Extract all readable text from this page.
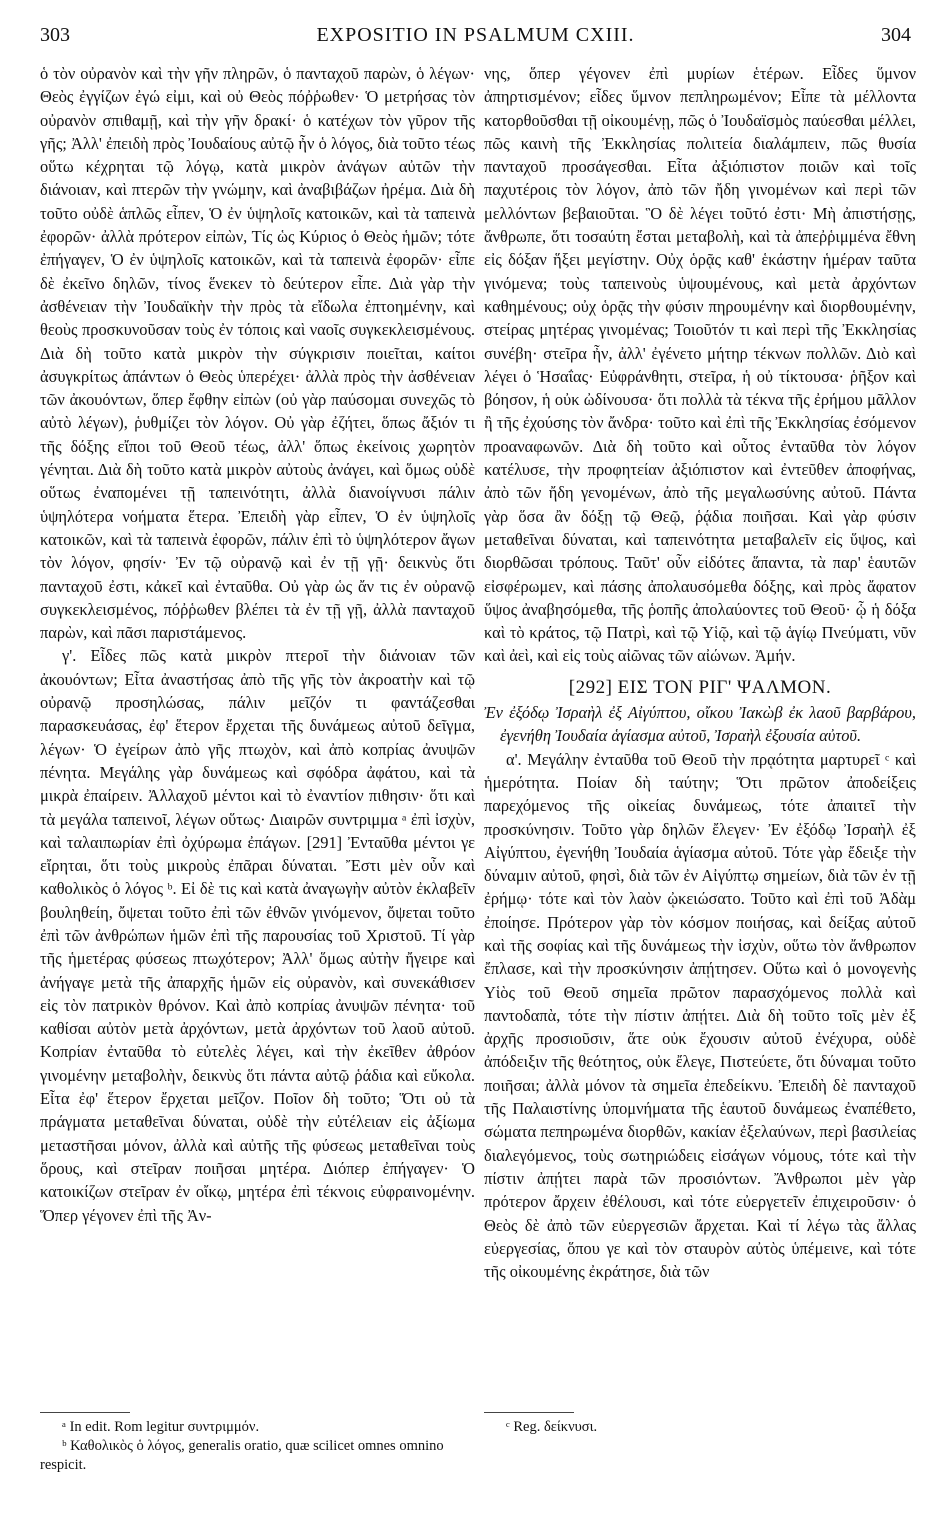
303	EXPOSITIO IN PSALMUM CXIII.	304

ὁ τὸν οὐρανὸν καὶ τὴν γῆν πληρῶν, ὁ πανταχοῦ παρὼν, ὁ λέγων· Θεὸς ἐγγίζων ἐγώ εἰμι, καὶ οὐ Θεὸς πόῤῥωθεν· Ὁ μετρήσας τὸν οὐρανὸν σπιθαμῇ, καὶ τὴν γῆν δρακί· ὁ κατέχων τὸν γῦρον τῆς γῆς; Ἀλλ' ἐπειδὴ πρὸς Ἰουδαίους αὐτῷ ἦν ὁ λόγος, διὰ τοῦτο τέως οὕτω κέχρηται τῷ λόγῳ, κατὰ μικρὸν ἀνάγων αὐτῶν τὴν διάνοιαν, καὶ πτερῶν τὴν γνώμην, καὶ ἀναβιβάζων ἠρέμα. Διὰ δὴ τοῦτο οὐδὲ ἁπλῶς εἶπεν, Ὁ ἐν ὑψηλοῖς κατοικῶν, καὶ τὰ ταπεινὰ ἐφορῶν· ἀλλὰ πρότερον εἰπὼν, Τίς ὡς Κύριος ὁ Θεὸς ἡμῶν; τότε ἐπήγαγεν, Ὁ ἐν ὑψηλοῖς κατοικῶν, καὶ τὰ ταπεινὰ ἐφορῶν· εἶπε δὲ ἐκεῖνο δηλῶν, τίνος ἕνεκεν τὸ δεύτερον εἶπε. Διὰ γὰρ τὴν ἀσθένειαν τὴν Ἰουδαϊκὴν τὴν πρὸς τὰ εἴδωλα ἐπτοημένην, καὶ θεοὺς προσκυνοῦσαν τοὺς ἐν τόποις καὶ ναοῖς συγκεκλεισμένους. Διὰ δὴ τοῦτο κατὰ μικρὸν τὴν σύγκρισιν ποιεῖται, καίτοι ἀσυγκρίτως ἁπάντων ὁ Θεὸς ὑπερέχει· ἀλλὰ πρὸς τὴν ἀσθένειαν τῶν ἀκουόντων, ὅπερ ἔφθην εἰπὼν (οὐ γὰρ παύσομαι συνεχῶς τὸ αὐτὸ λέγων), ῥυθμίζει τὸν λόγον. Οὐ γὰρ ἐζήτει, ὅπως ἄξιόν τι τῆς δόξης εἴποι τοῦ Θεοῦ τέως, ἀλλ' ὅπως ἐκείνοις χωρητὸν γένηται. Διὰ δὴ τοῦτο κατὰ μικρὸν αὐτοὺς ἀνάγει, καὶ ὅμως οὐδὲ οὕτως ἐναπομένει τῇ ταπεινότητι, ἀλλὰ διανοίγνυσι πάλιν ὑψηλότερα νοήματα ἕτερα. Ἐπειδὴ γὰρ εἶπεν, Ὁ ἐν ὑψηλοῖς κατοικῶν, καὶ τὰ ταπεινὰ ἐφορῶν, πάλιν ἐπὶ τὸ ὑψηλότερον ἄγων τὸν λόγον, φησίν· Ἐν τῷ οὐρανῷ καὶ ἐν τῇ γῇ· δεικνὺς ὅτι πανταχοῦ ἐστι, κἀκεῖ καὶ ἐνταῦθα. Οὐ γὰρ ὡς ἄν τις ἐν οὐρανῷ συγκεκλεισμένος, πόῤῥωθεν βλέπει τὰ ἐν τῇ γῇ, ἀλλὰ πανταχοῦ παρὼν, καὶ πᾶσι παριστάμενος.

γ'. Εἶδες πῶς κατὰ μικρὸν πτεροῖ τὴν διάνοιαν τῶν ἀκουόντων; Εἶτα ἀναστήσας ἀπὸ τῆς γῆς τὸν ἀκροατὴν καὶ τῷ οὐρανῷ προσηλώσας, πάλιν μεῖζόν τι φαντάζεσθαι παρασκευάσας, ἐφ' ἕτερον ἔρχεται τῆς δυνάμεως αὐτοῦ δεῖγμα, λέγων· Ὁ ἐγείρων ἀπὸ γῆς πτωχὸν, καὶ ἀπὸ κοπρίας ἀνυψῶν πένητα. Μεγάλης γὰρ δυνάμεως καὶ σφόδρα ἀφάτου, καὶ τὰ μικρὰ ἐπαίρειν. Ἀλλαχοῦ μέντοι καὶ τὸ ἐναντίον πιθησιν· ὅτι καὶ τὰ μεγάλα ταπεινοῖ, λέγων οὕτως· Διαιρῶν συντριμμα ᵃ ἐπὶ ἰσχὺν, καὶ ταλαιπωρίαν ἐπὶ ὀχύρωμα ἐπάγων. [291] Ἐνταῦθα μέντοι γε εἴρηται, ὅτι τοὺς μικροὺς ἐπᾶραι δύναται. Ἔστι μὲν οὖν καὶ καθολικὸς ὁ λόγος ᵇ. Εἰ δὲ τις καὶ κατὰ ἀναγωγὴν αὐτὸν ἐκλαβεῖν βουληθείη, ὄψεται τοῦτο ἐπὶ τῶν ἐθνῶν γινόμενον, ὄψεται τοῦτο ἐπὶ τῶν ἀνθρώπων ἡμῶν ἐπὶ τῆς παρουσίας τοῦ Χριστοῦ. Τί γὰρ τῆς ἡμετέρας φύσεως πτωχότερον; Ἀλλ' ὅμως αὐτὴν ἤγειρε καὶ ἀνήγαγε μετὰ τῆς ἀπαρχῆς ἡμῶν εἰς οὐρανὸν, καὶ συνεκάθισεν εἰς τὸν πατρικὸν θρόνον. Καὶ ἀπὸ κοπρίας ἀνυψῶν πένητα· τοῦ καθίσαι αὐτὸν μετὰ ἀρχόντων, μετὰ ἀρχόντων τοῦ λαοῦ αὐτοῦ. Κοπρίαν ἐνταῦθα τὸ εὐτελὲς λέγει, καὶ τὴν ἐκεῖθεν ἀθρόον γινομένην μεταβολὴν, δεικνὺς ὅτι πάντα αὐτῷ ῥάδια καὶ εὔκολα. Εἶτα ἐφ' ἕτερον ἔρχεται μεῖζον. Ποῖον δὴ τοῦτο; Ὅτι οὐ τὰ πράγματα μεταθεῖναι δύναται, οὐδὲ τὴν εὐτέλειαν εἰς ἀξίωμα μεταστῆσαι μόνον, ἀλλὰ καὶ αὐτῆς τῆς φύσεως μεταθεῖναι τοὺς ὅρους, καὶ στεῖραν ποιῆσαι μητέρα. Διόπερ ἐπήγαγεν· Ὁ κατοικίζων στεῖραν ἐν οἴκῳ, μητέρα ἐπὶ τέκνοις εὐφραινομένην. Ὅπερ γέγονεν ἐπὶ τῆς Ἀν-

νης, ὅπερ γέγονεν ἐπὶ μυρίων ἑτέρων. Εἶδες ὕμνον ἀπηρτισμένον; εἶδες ὕμνον πεπληρωμένον; Εἶπε τὰ μέλλοντα κατορθοῦσθαι τῇ οἰκουμένῃ, πῶς ὁ Ἰουδαϊσμὸς παύεσθαι μέλλει, πῶς καινὴ τῆς Ἐκκλησίας πολιτεία διαλάμπειν, πῶς θυσία πανταχοῦ προσάγεσθαι. Εἶτα ἀξιόπιστον ποιῶν καὶ τοῖς παχυτέροις τὸν λόγον, ἀπὸ τῶν ἤδη γινομένων καὶ περὶ τῶν μελλόντων βεβαιοῦται. Ὃ δὲ λέγει τοῦτό ἐστι· Μὴ ἀπιστήσῃς, ἄνθρωπε, ὅτι τοσαύτη ἔσται μεταβολὴ, καὶ τὰ ἀπεῤῥιμμένα ἔθνη εἰς δόξαν ἥξει μεγίστην. Οὐχ ὁρᾷς καθ' ἑκάστην ἡμέραν ταῦτα γινόμενα; τοὺς ταπεινοὺς ὑψουμένους, καὶ μετὰ ἀρχόντων καθημένους; οὐχ ὁρᾷς τὴν φύσιν πηρουμένην καὶ διορθουμένην, στείρας μητέρας γινομένας; Τοιοῦτόν τι καὶ περὶ τῆς Ἐκκλησίας συνέβη· στεῖρα ἦν, ἀλλ' ἐγένετο μήτηρ τέκνων πολλῶν. Διὸ καὶ λέγει ὁ Ἡσαΐας· Εὐφράνθητι, στεῖρα, ἡ οὐ τίκτουσα· ῥῆξον καὶ βόησον, ἡ οὐκ ὠδίνουσα· ὅτι πολλὰ τὰ τέκνα τῆς ἐρήμου μᾶλλον ἢ τῆς ἐχούσης τὸν ἄνδρα· τοῦτο καὶ ἐπὶ τῆς Ἐκκλησίας ἐσόμενον προαναφωνῶν. Διὰ δὴ τοῦτο καὶ οὗτος ἐνταῦθα τὸν λόγον κατέλυσε, τὴν προφητείαν ἀξιόπιστον καὶ ἐντεῦθεν ἀποφήνας, ἀπὸ τῶν ἤδη γενομένων, ἀπὸ τῆς μεγαλωσύνης αὐτοῦ. Πάντα γὰρ ὅσα ἂν δόξῃ τῷ Θεῷ, ῥᾴδια ποιῆσαι. Καὶ γὰρ φύσιν μεταθεῖναι δύναται, καὶ ταπεινότητα μεταβαλεῖν εἰς ὕψος, καὶ διορθῶσαι τρόπους. Ταῦτ' οὖν εἰδότες ἅπαντα, τὰ παρ' ἑαυτῶν εἰσφέρωμεν, καὶ πάσης ἀπολαυσόμεθα δόξης, καὶ πρὸς ἄφατον ὕψος ἀναβησόμεθα, τῆς ῥοπῆς ἀπολαύοντες τοῦ Θεοῦ· ᾧ ἡ δόξα καὶ τὸ κράτος, τῷ Πατρὶ, καὶ τῷ Υἱῷ, καὶ τῷ ἁγίῳ Πνεύματι, νῦν καὶ ἀεὶ, καὶ εἰς τοὺς αἰῶνας τῶν αἰώνων. Ἀμήν.

[292] ΕΙΣ ΤΟΝ ΡΙΓ' ΨΑΛΜΟΝ.

Ἐν ἐξόδῳ Ἰσραὴλ ἐξ Αἰγύπτου, οἴκου Ἰακὼβ ἐκ λαοῦ βαρβάρου, ἐγενήθη Ἰουδαία ἁγίασμα αὐτοῦ, Ἰσραὴλ ἐξουσία αὐτοῦ.

α'. Μεγάλην ἐνταῦθα τοῦ Θεοῦ τὴν πρᾳότητα μαρτυρεῖ ᶜ καὶ ἡμερότητα. Ποίαν δὴ ταύτην; Ὅτι πρῶτον ἀποδείξεις παρεχόμενος τῆς οἰκείας δυνάμεως, τότε ἀπαιτεῖ τὴν προσκύνησιν. Τοῦτο γὰρ δηλῶν ἔλεγεν· Ἐν ἐξόδῳ Ἰσραὴλ ἐξ Αἰγύπτου, ἐγενήθη Ἰουδαία ἁγίασμα αὐτοῦ. Τότε γὰρ ἔδειξε τὴν δύναμιν αὐτοῦ, φησὶ, διὰ τῶν ἐν Αἰγύπτῳ σημείων, διὰ τῶν ἐν τῇ ἐρήμῳ· τότε καὶ τὸν λαὸν ᾠκειώσατο. Τοῦτο καὶ ἐπὶ τοῦ Ἀδὰμ ἐποίησε. Πρότερον γὰρ τὸν κόσμον ποιήσας, καὶ δείξας αὐτοῦ καὶ τῆς σοφίας καὶ τῆς δυνάμεως τὴν ἰσχὺν, οὕτω τὸν ἄνθρωπον ἔπλασε, καὶ τὴν προσκύνησιν ἀπῄτησεν. Οὕτω καὶ ὁ μονογενὴς Υἱὸς τοῦ Θεοῦ σημεῖα πρῶτον παρασχόμενος πολλὰ καὶ παντοδαπὰ, τότε τὴν πίστιν ἀπῄτει. Διὰ δὴ τοῦτο τοῖς μὲν ἐξ ἀρχῆς προσιοῦσιν, ἅτε οὐκ ἔχουσιν αὐτοῦ ἐνέχυρα, οὐδὲ ἀπόδειξιν τῆς θεότητος, οὐκ ἔλεγε, Πιστεύετε, ὅτι δύναμαι τοῦτο ποιῆσαι; ἀλλὰ μόνον τὰ σημεῖα ἐπεδείκνυ. Ἐπειδὴ δὲ πανταχοῦ τῆς Παλαιστίνης ὑπομνήματα τῆς ἑαυτοῦ δυνάμεως ἐναπέθετο, σώματα πεπηρωμένα διορθῶν, κακίαν ἐξελαύνων, περὶ βασιλείας διαλεγόμενος, τοὺς σωτηριώδεις εἰσάγων νόμους, τότε καὶ τὴν πίστιν ἀπῄτει παρὰ τῶν προσιόντων. Ἄνθρωποι μὲν γὰρ πρότερον ἄρχειν ἐθέλουσι, καὶ τότε εὐεργετεῖν ἐπιχειροῦσιν· ὁ Θεὸς δὲ ἀπὸ τῶν εὐεργεσιῶν ἄρχεται. Καὶ τί λέγω τὰς ἄλλας εὐεργεσίας, ὅπου γε καὶ τὸν σταυρὸν αὐτὸς ὑπέμεινε, καὶ τότε τῆς οἰκουμένης ἐκράτησε, διὰ τῶν

ᵃ In edit. Rom legitur συντριμμόν.

ᵇ Καθολικὸς ὁ λόγος, generalis oratio, quæ scilicet omnes omnino respicit.

ᶜ Reg. δείκνυσι.
